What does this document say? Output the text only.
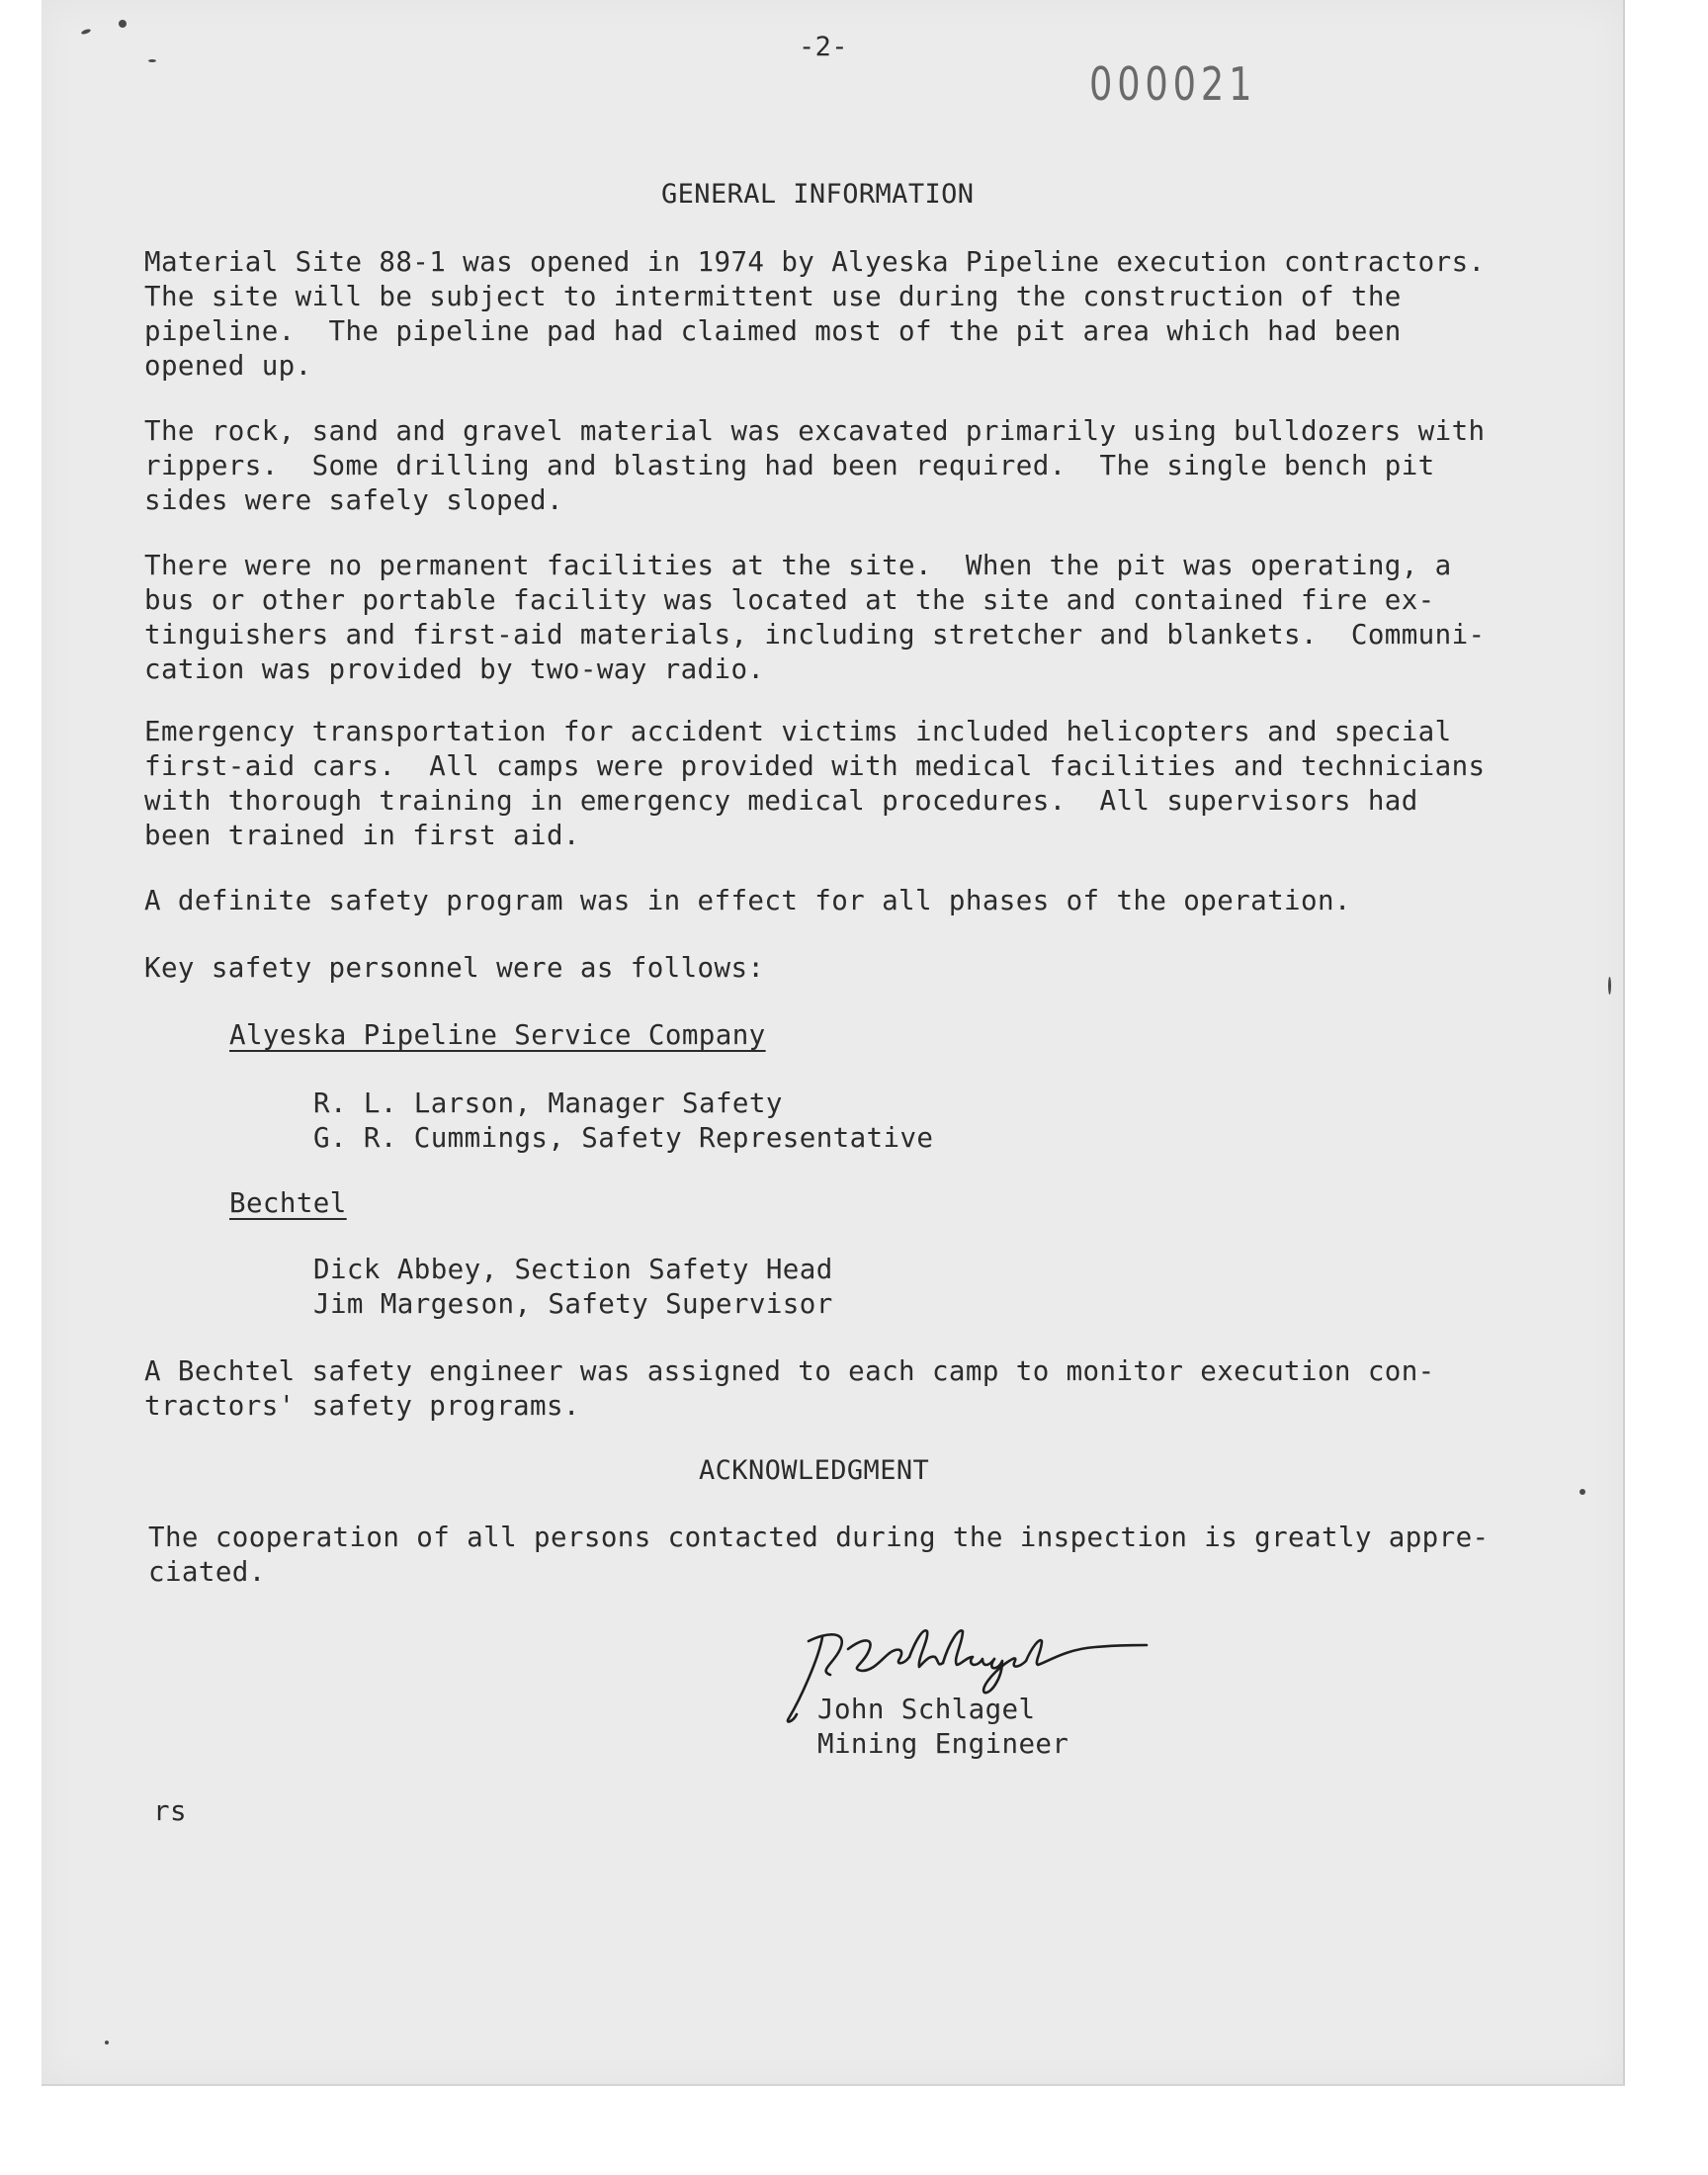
-2-
000021
GENERAL INFORMATION
Material Site 88-1 was opened in 1974 by Alyeska Pipeline execution contractors.
The site will be subject to intermittent use during the construction of the
pipeline.  The pipeline pad had claimed most of the pit area which had been
opened up.
The rock, sand and gravel material was excavated primarily using bulldozers with
rippers.  Some drilling and blasting had been required.  The single bench pit
sides were safely sloped.
There were no permanent facilities at the site.  When the pit was operating, a
bus or other portable facility was located at the site and contained fire ex-
tinguishers and first-aid materials, including stretcher and blankets.  Communi-
cation was provided by two-way radio.
Emergency transportation for accident victims included helicopters and special
first-aid cars.  All camps were provided with medical facilities and technicians
with thorough training in emergency medical procedures.  All supervisors had
been trained in first aid.
A definite safety program was in effect for all phases of the operation.
Key safety personnel were as follows:
Alyeska Pipeline Service Company
R. L. Larson, Manager Safety
G. R. Cummings, Safety Representative
Bechtel
Dick Abbey, Section Safety Head
Jim Margeson, Safety Supervisor
A Bechtel safety engineer was assigned to each camp to monitor execution con-
tractors' safety programs.
ACKNOWLEDGMENT
The cooperation of all persons contacted during the inspection is greatly appre-
ciated.
John Schlagel
Mining Engineer
rs
